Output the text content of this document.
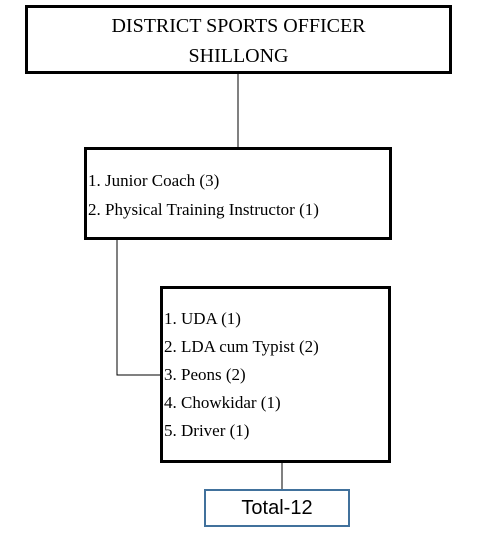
DISTRICT SPORTS OFFICER
SHILLONG
1. Junior Coach (3)
2. Physical Training Instructor (1)
1. UDA (1)
2. LDA cum Typist (2)
3. Peons (2)
4. Chowkidar (1)
5. Driver (1)
Total-12
